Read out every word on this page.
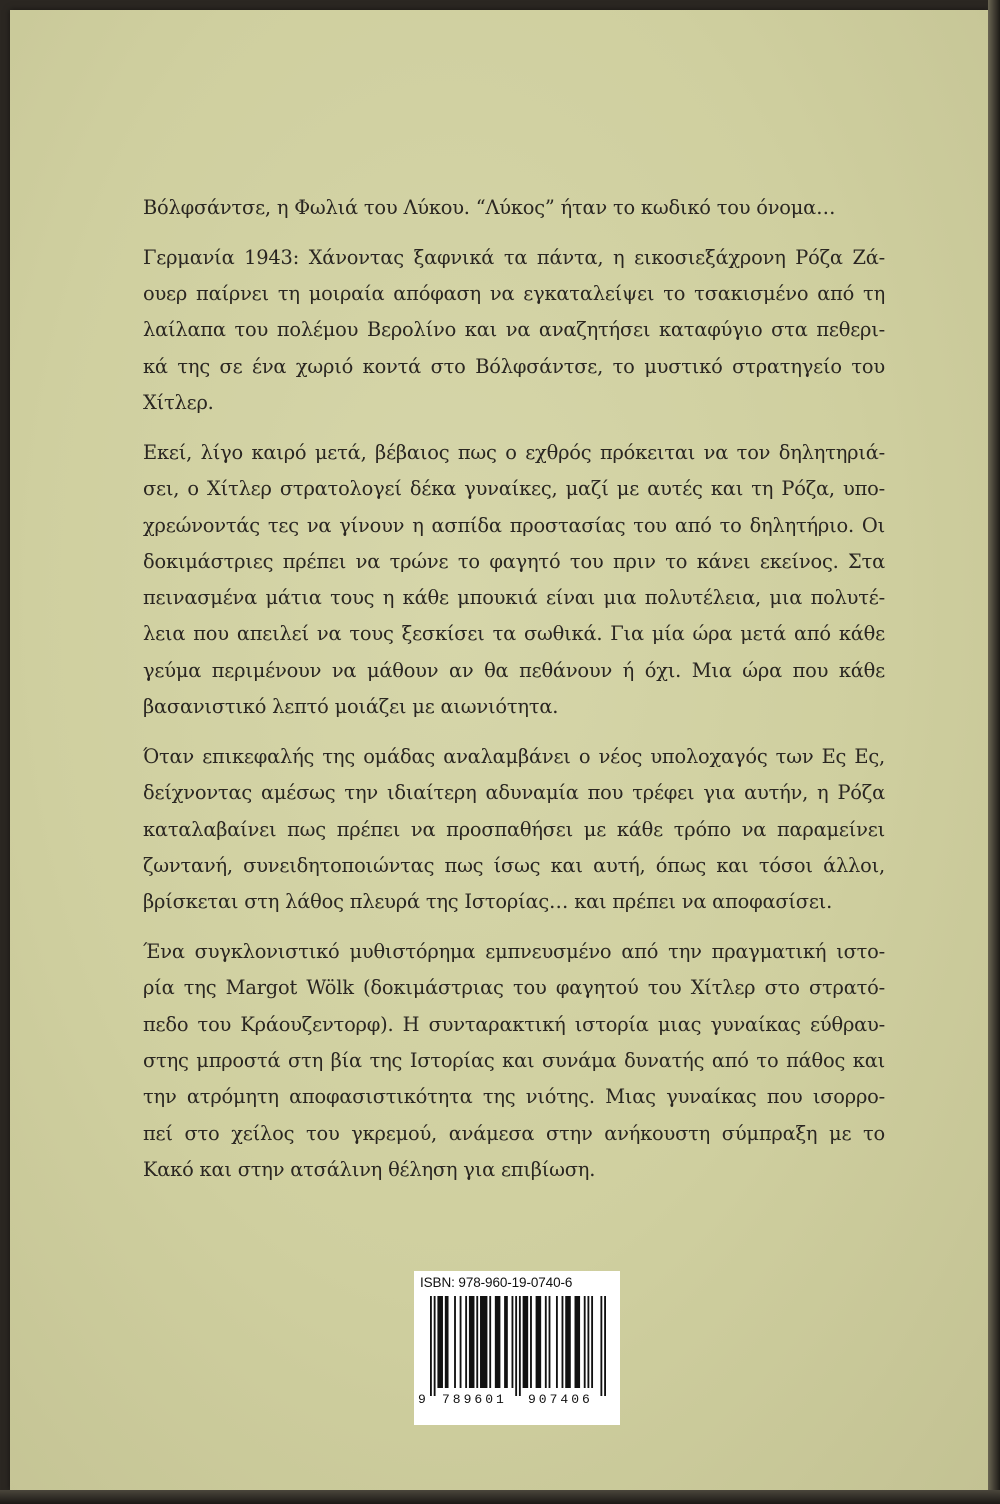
Βόλφσάντσε, η Φωλιά του Λύκου. “Λύκος” ήταν το κωδικό του όνομα…
Γερμανία 1943: Χάνοντας ξαφνικά τα πάντα, η εικοσιεξάχρονη Ρόζα Ζά-
ουερ παίρνει τη μοιραία απόφαση να εγκαταλείψει το τσακισμένο από τη
λαίλαπα του πολέμου Βερολίνο και να αναζητήσει καταφύγιο στα πεθερι-
κά της σε ένα χωριό κοντά στο Βόλφσάντσε, το μυστικό στρατηγείο του
Χίτλερ.
Εκεί, λίγο καιρό μετά, βέβαιος πως ο εχθρός πρόκειται να τον δηλητηριά-
σει, ο Χίτλερ στρατολογεί δέκα γυναίκες, μαζί με αυτές και τη Ρόζα, υπο-
χρεώνοντάς τες να γίνουν η ασπίδα προστασίας του από το δηλητήριο. Οι
δοκιμάστριες πρέπει να τρώνε το φαγητό του πριν το κάνει εκείνος. Στα
πεινασμένα μάτια τους η κάθε μπουκιά είναι μια πολυτέλεια, μια πολυτέ-
λεια που απειλεί να τους ξεσκίσει τα σωθικά. Για μία ώρα μετά από κάθε
γεύμα περιμένουν να μάθουν αν θα πεθάνουν ή όχι. Μια ώρα που κάθε
βασανιστικό λεπτό μοιάζει με αιωνιότητα.
Όταν επικεφαλής της ομάδας αναλαμβάνει ο νέος υπολοχαγός των Ες Ες,
δείχνοντας αμέσως την ιδιαίτερη αδυναμία που τρέφει για αυτήν, η Ρόζα
καταλαβαίνει πως πρέπει να προσπαθήσει με κάθε τρόπο να παραμείνει
ζωντανή, συνειδητοποιώντας πως ίσως και αυτή, όπως και τόσοι άλλοι,
βρίσκεται στη λάθος πλευρά της Ιστορίας… και πρέπει να αποφασίσει.
Ένα συγκλονιστικό μυθιστόρημα εμπνευσμένο από την πραγματική ιστο-
ρία της Margot Wölk (δοκιμάστριας του φαγητού του Χίτλερ στο στρατό-
πεδο του Κράουζεντορφ). Η συνταρακτική ιστορία μιας γυναίκας εύθραυ-
στης μπροστά στη βία της Ιστορίας και συνάμα δυνατής από το πάθος και
την ατρόμητη αποφασιστικότητα της νιότης. Μιας γυναίκας που ισορρο-
πεί στο χείλος του γκρεμού, ανάμεσα στην ανήκουστη σύμπραξη με το
Κακό και στην ατσάλινη θέληση για επιβίωση.
ISBN: 978-960-19-0740-6
9 789601 907406
